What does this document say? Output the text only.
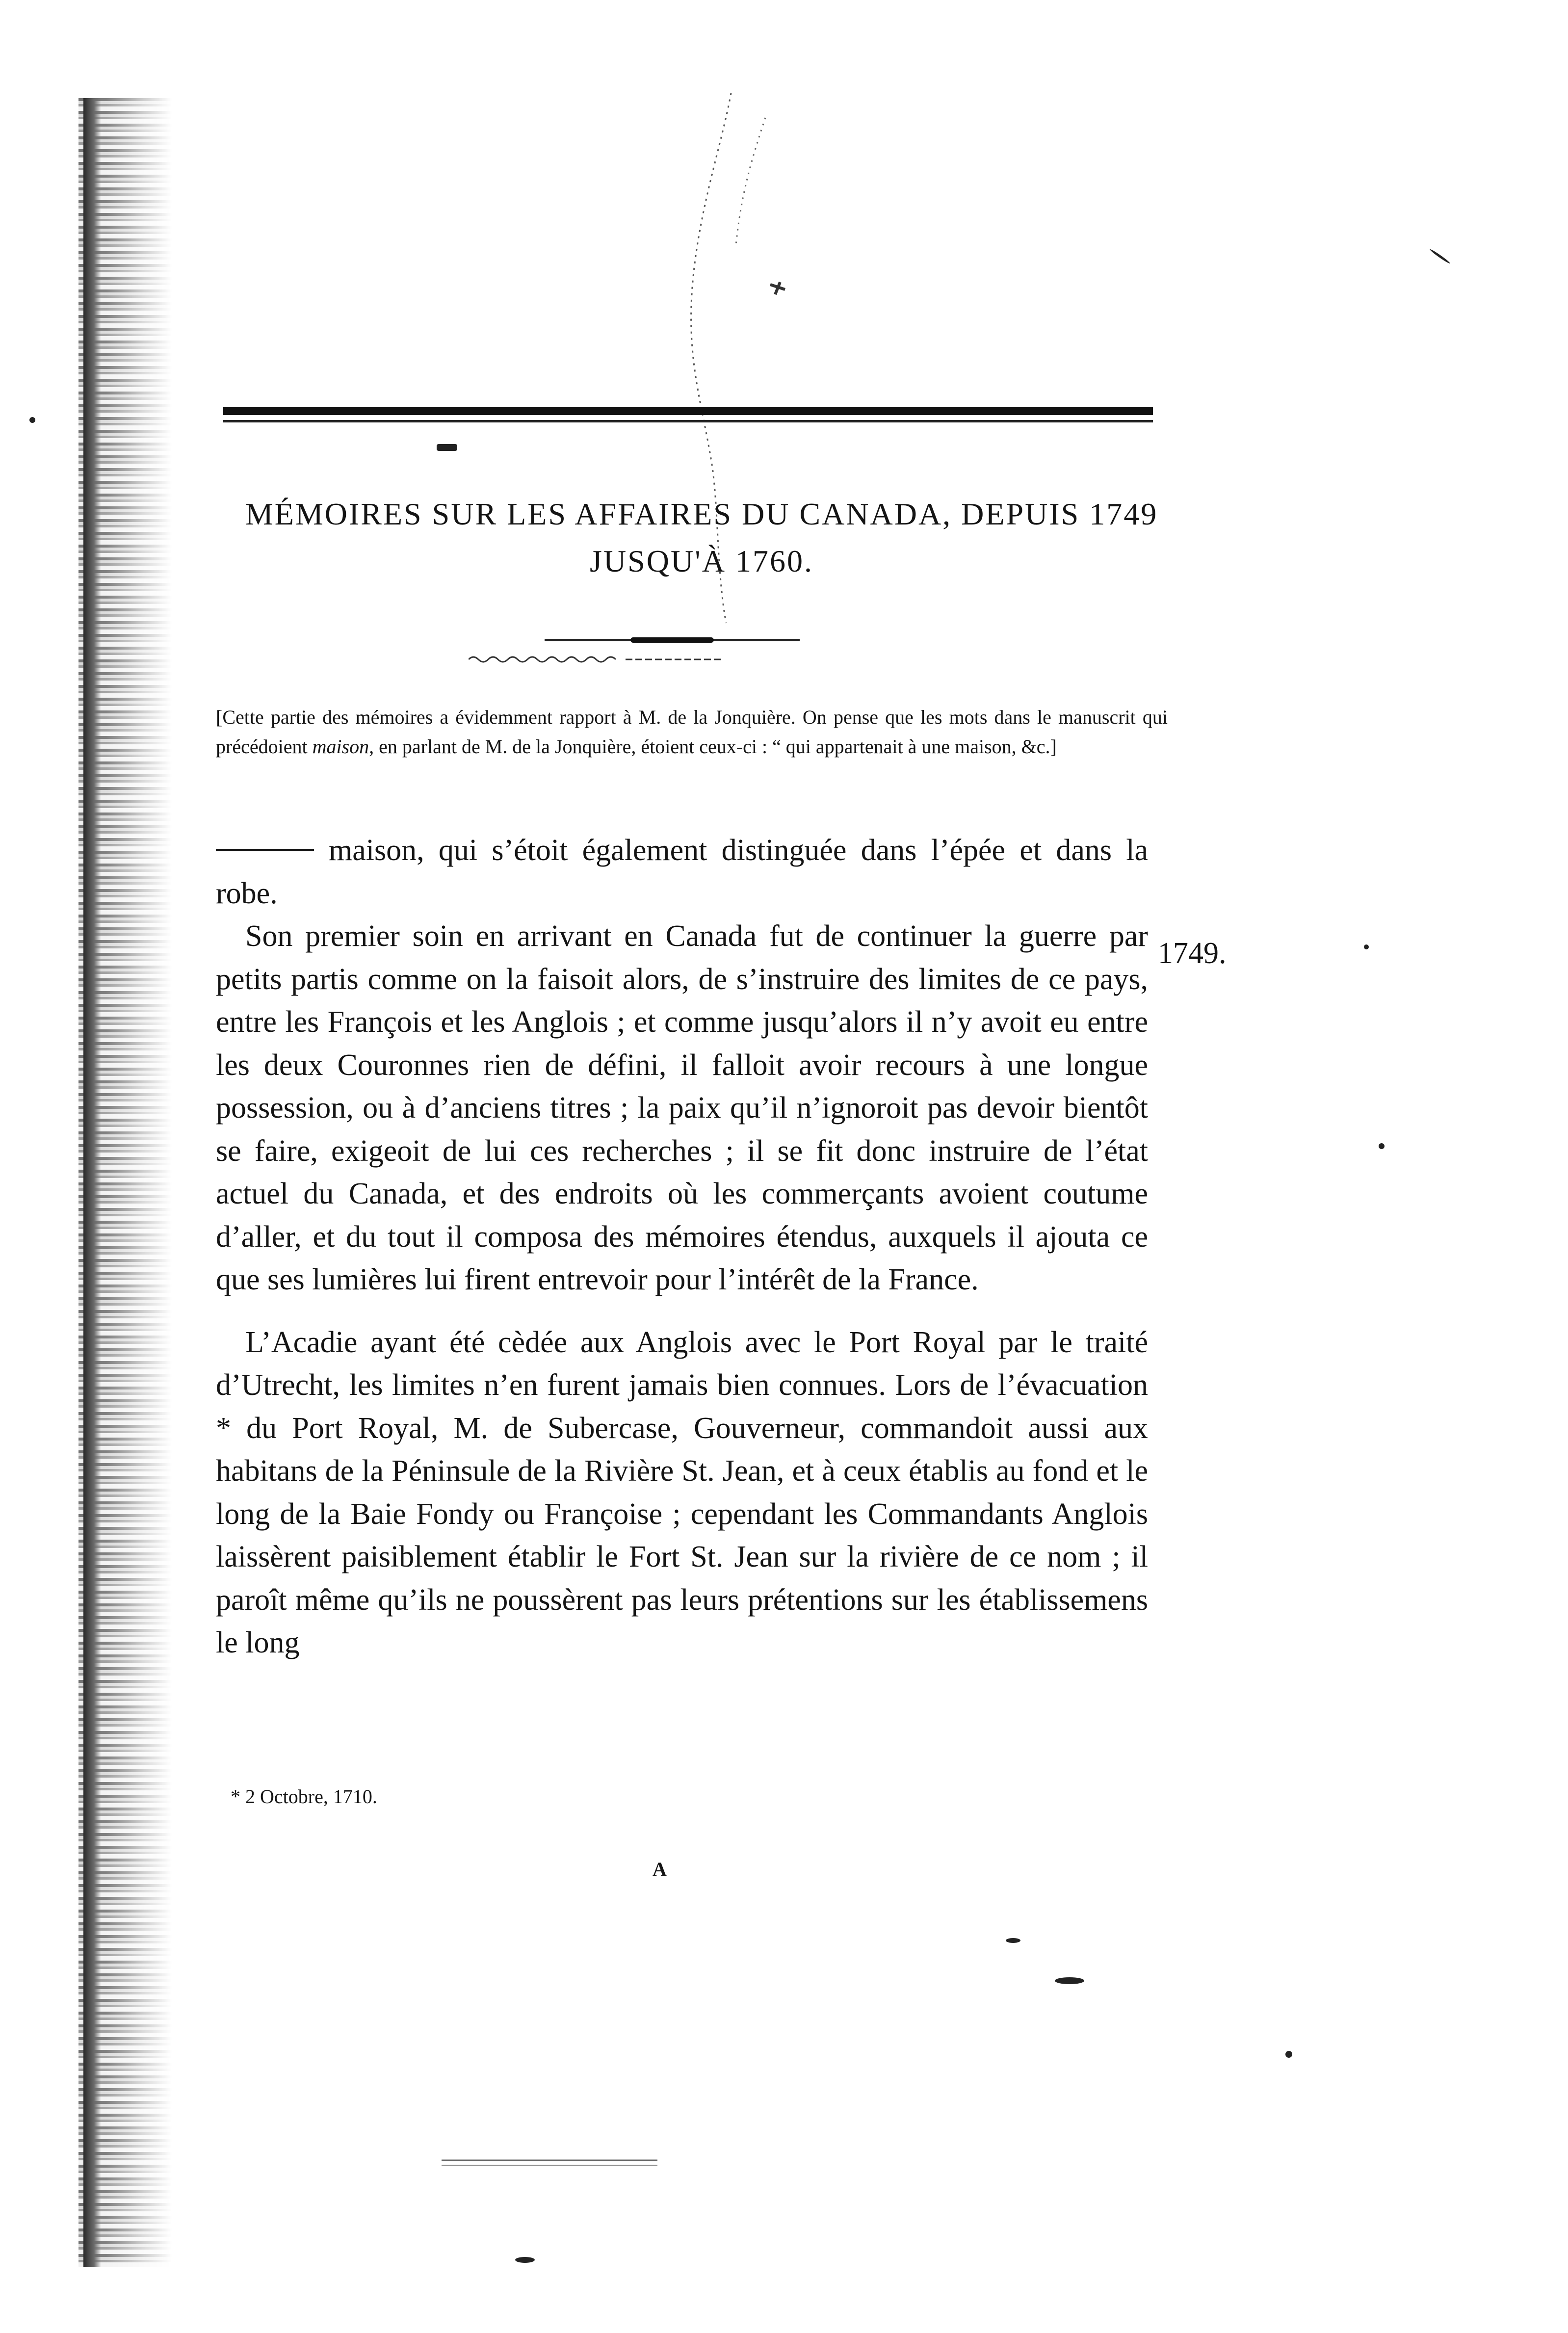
MÉMOIRES SUR LES AFFAIRES DU CANADA, DEPUIS 1749
JUSQU'À 1760.
[Cette partie des mémoires a évidemment rapport à M. de la Jonquière. On pense que les mots dans le manuscrit qui précédoient maison, en parlant de M. de la Jonquière, étoient ceux-ci : “ qui appartenait à une maison, &c.]

maison, qui s’étoit également distinguée dans l’épée et dans la robe.

Son premier soin en arrivant en Canada fut de continuer la guerre par petits partis comme on la faisoit alors, de s’instruire des limites de ce pays, entre les François et les Anglois ; et comme jusqu’alors il n’y avoit eu entre les deux Couronnes rien de défini, il falloit avoir recours à une longue possession, ou à d’anciens titres ; la paix qu’il n’ignoroit pas devoir bientôt se faire, exigeoit de lui ces recherches ; il se fit donc instruire de l’état actuel du Canada, et des endroits où les commerçants avoient coutume d’aller, et du tout il composa des mémoires étendus, auxquels il ajouta ce que ses lumières lui firent entrevoir pour l’intérêt de la France.

L’Acadie ayant été cèdée aux Anglois avec le Port Royal par le traité d’Utrecht, les limites n’en furent jamais bien connues. Lors de l’évacuation * du Port Royal, M. de Subercase, Gouverneur, commandoit aussi aux habitans de la Péninsule de la Rivière St. Jean, et à ceux établis au fond et le long de la Baie Fondy ou Françoise ; cependant les Commandants Anglois laissèrent paisiblement établir le Fort St. Jean sur la rivière de ce nom ; il paroît même qu’ils ne poussèrent pas leurs prétentions sur les établissemens le long

1749.
* 2 Octobre, 1710.
A
